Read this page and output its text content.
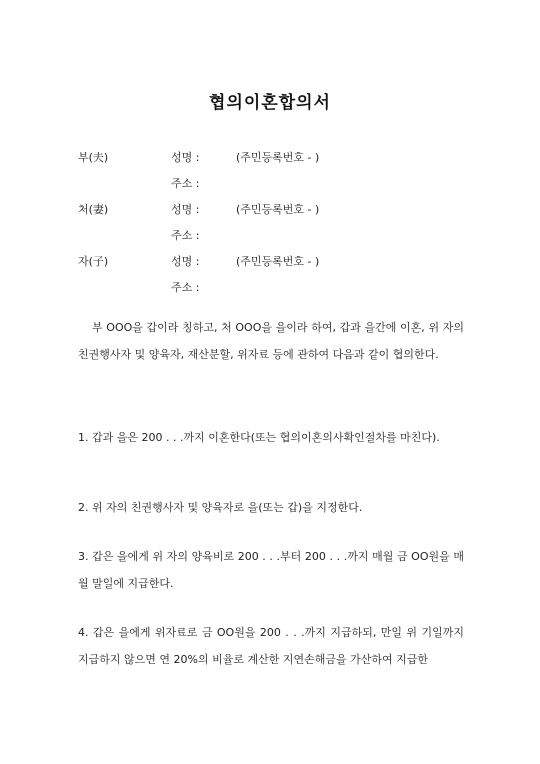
협의이혼합의서
부(夫)	성명 :	(주민등록번호 - )
주소 :
처(妻)	성명 :	(주민등록번호 - )
주소 :
자(子)	성명 :	(주민등록번호 - )
주소 :

부 OOO을 갑이라 칭하고, 처 OOO을 을이라 하여, 갑과 을간에 이혼, 위 자의 친권행사자 및 양육자, 재산분할, 위자료 등에 관하여 다음과 같이 협의한다.

1. 갑과 을은 200 . . .까지 이혼한다(또는 협의이혼의사확인절차를 마친다).

2. 위 자의 친권행사자 및 양육자로 을(또는 갑)을 지정한다.

3. 갑은 을에게 위 자의 양육비로 200 . . .부터 200 . . .까지 매월 금 OO원을 매월 말일에 지급한다.

4. 갑은 을에게 위자료로 금 OO원을 200 . . .까지 지급하되, 만일 위 기일까지 지급하지 않으면 연 20%의 비율로 계산한 지연손해금을 가산하여 지급한
